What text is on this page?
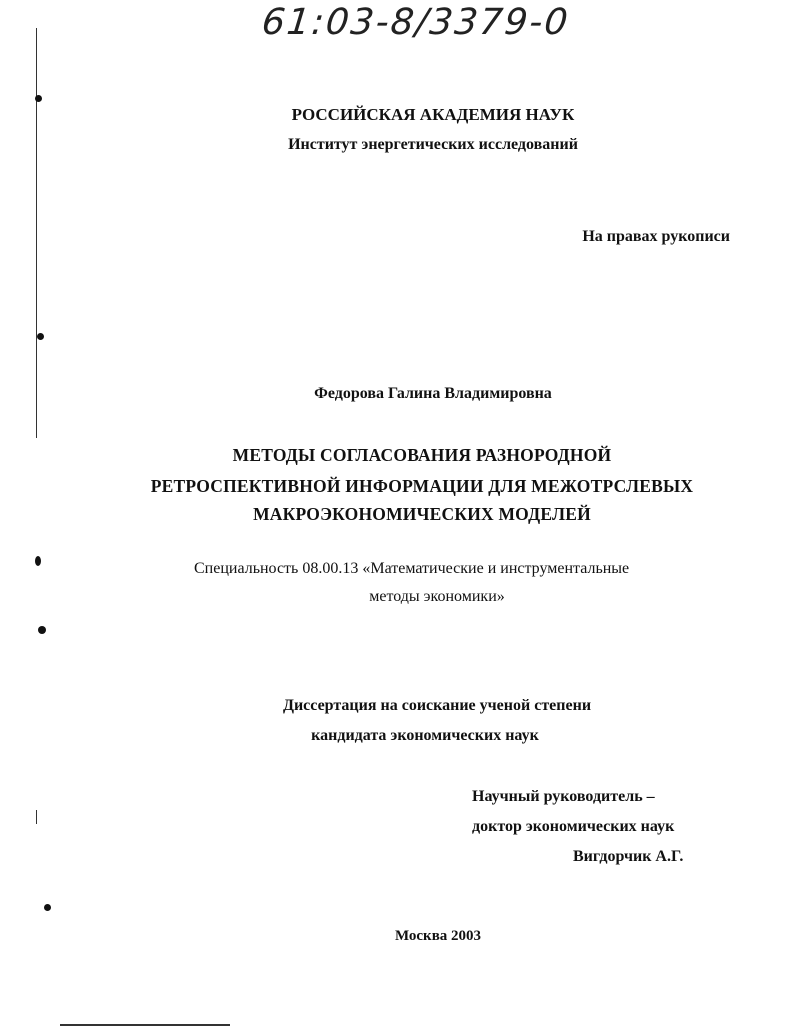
61:03-8/3379-0
РОССИЙСКАЯ АКАДЕМИЯ НАУК
Институт энергетических исследований
На правах рукописи
Федорова Галина Владимировна
МЕТОДЫ СОГЛАСОВАНИЯ РАЗНОРОДНОЙ
РЕТРОСПЕКТИВНОЙ ИНФОРМАЦИИ ДЛЯ МЕЖОТРСЛЕВЫХ
МАКРОЭКОНОМИЧЕСКИХ МОДЕЛЕЙ
Специальность 08.00.13 «Математические и инструментальные
методы экономики»
Диссертация на соискание ученой степени
кандидата экономических наук
Научный руководитель –
доктор экономических наук
Вигдорчик А.Г.
Москва 2003
